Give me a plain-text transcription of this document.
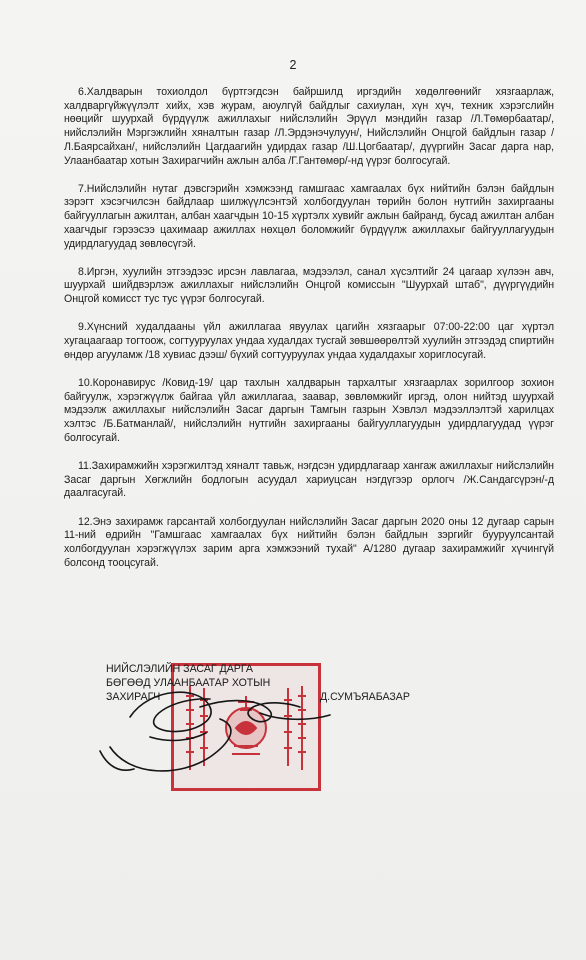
2

6.Халдварын тохиолдол бүртгэгдсэн байршилд иргэдийн хөдөлгөөнийг хязгаарлаж, халдваргүйжүүлэлт хийх, хэв журам, аюулгүй байдлыг сахиулан, хүн хүч, техник хэрэгслийн нөөцийг шуурхай бүрдүүлж ажиллахыг нийслэлийн Эрүүл мэндийн газар /Л.Төмөрбаатар/, нийслэлийн Мэргэжлийн хяналтын газар /Л.Эрдэнэчулуун/, Нийслэлийн Онцгой байдлын газар /Л.Баярсайхан/, нийслэлийн Цагдаагийн удирдах газар /Ш.Цогбаатар/, дүүргийн Засаг дарга нар, Улаанбаатар хотын Захирагчийн ажлын алба /Г.Гантөмөр/-нд үүрэг болгосугай.

7.Нийслэлийн нутаг дэвсгэрийн хэмжээнд гамшгаас хамгаалах бүх нийтийн бэлэн байдлын зэрэгт хэсэгчилсэн байдлаар шилжүүлсэнтэй холбогдуулан төрийн болон нутгийн захиргааны байгууллагын ажилтан, албан хаагчдын 10-15 хүртэлх хувийг ажлын байранд, бусад ажилтан албан хаагчдыг гэрээсээ цахимаар ажиллах нөхцөл боломжийг бүрдүүлж ажиллахыг байгууллагуудын удирдлагуудад зөвлөсүгэй.

8.Иргэн, хуулийн этгээдээс ирсэн лавлагаа, мэдээлэл, санал хүсэлтийг 24 цагаар хүлээн авч, шуурхай шийдвэрлэж ажиллахыг нийслэлийн Онцгой комиссын "Шуурхай штаб", дүүргүүдийн Онцгой комисст тус тус үүрэг болгосугай.

9.Хүнсний худалдааны үйл ажиллагаа явуулах цагийн хязгаарыг 07:00-22:00 цаг хүртэл хугацаагаар тогтоож, согтууруулах ундаа худалдах тусгай зөвшөөрөлтэй хуулийн этгээдэд спиртийн өндөр агууламж /18 хувиас дээш/ бүхий согтууруулах ундаа худалдахыг хориглосугай.

10.Коронавирус /Ковид-19/ цар тахлын халдварын тархалтыг хязгаарлах зорилгоор зохион байгуулж, хэрэгжүүлж байгаа үйл ажиллагаа, заавар, зөвлөмжийг иргэд, олон нийтэд шуурхай мэдээлж ажиллахыг нийслэлийн Засаг даргын Тамгын газрын Хэвлэл мэдээллэлтэй харилцах хэлтэс /Б.Батманлай/, нийслэлийн нутгийн захиргааны байгууллагуудын удирдлагуудад үүрэг болгосугай.

11.Захирамжийн хэрэгжилтэд хяналт тавьж, нэгдсэн удирдлагаар хангаж ажиллахыг нийслэлийн Засаг даргын Хөгжлийн бодлогын асуудал хариуцсан нэгдүгээр орлогч /Ж.Сандагсүрэн/-д даалгасугай.

12.Энэ захирамж гарсантай холбогдуулан нийслэлийн Засаг даргын 2020 оны 12 дугаар сарын 11-ний өдрийн "Гамшгаас хамгаалах бүх нийтийн бэлэн байдлын зэргийг бууруулсантай холбогдуулан хэрэгжүүлэх зарим арга хэмжээний тухай" А/1280 дугаар захирамжийг хүчингүй болсонд тооцсугай.

НИЙСЛЭЛИЙН ЗАСАГ ДАРГА
БӨГӨӨД УЛААНБААТАР ХОТЫН
ЗАХИРАГЧ	Д.СУМЪЯАБАЗАР
